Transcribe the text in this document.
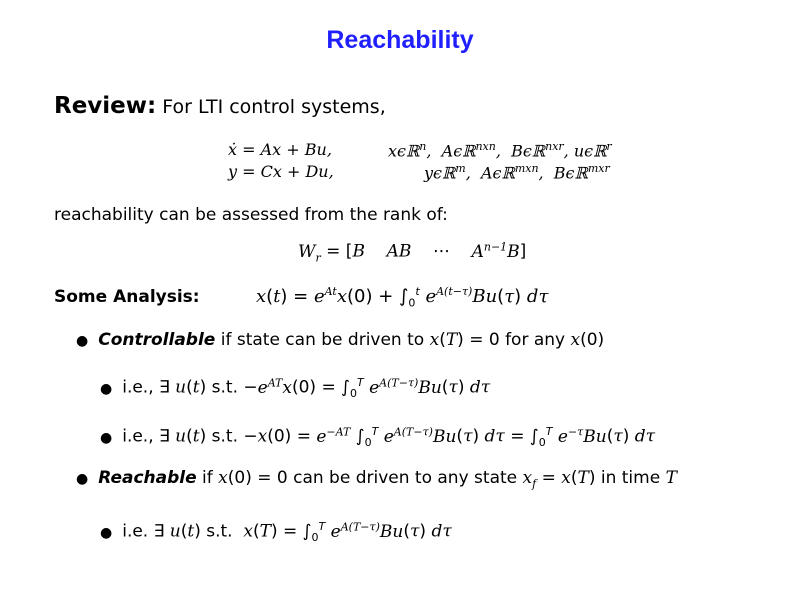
Reachability
Review: For LTI control systems,
ẋ = Ax + Bu,	xϵℝ$^n$,  Aϵℝ$^{nxn}$,  Bϵℝ$^{nxr}$, uϵℝ$^r$
y = Cx + Du,	yϵℝ$^m$,  Aϵℝ$^{mxn}$,  Bϵℝ$^{mxr}$
reachability can be assessed from the rank of:
$W_r = [B$ AB    ⋯    $A^{n-1}B$]
Some Analysis:	$x(t) = e^{At}x(0) + \int_0^t$ $e^{A(t-\tau)}Bu(\tau)$ dτ
● Controllable if state can be driven to x(T) = 0 for any x(0)
● i.e., ∃ u(t) s.t. $-e^{AT}x(0) = \int_0^T$ $e^{A(T-\tau)}Bu(\tau)$ dτ
● i.e., ∃ u(t) s.t. $-x(0) = e^{-AT}$ $\int_0^T$ $e^{A(T-\tau)}Bu(\tau) d\tau = \int_0^T$ $e^{-\tau}Bu(\tau)$ dτ
● Reachable if x(0) = 0 can be driven to any state $x_f = x(T)$ in time T
● i.e. ∃ u(t) s.t.  $x(T) = \int_0^T$ $e^{A(T-\tau)}Bu(\tau)$ dτ
